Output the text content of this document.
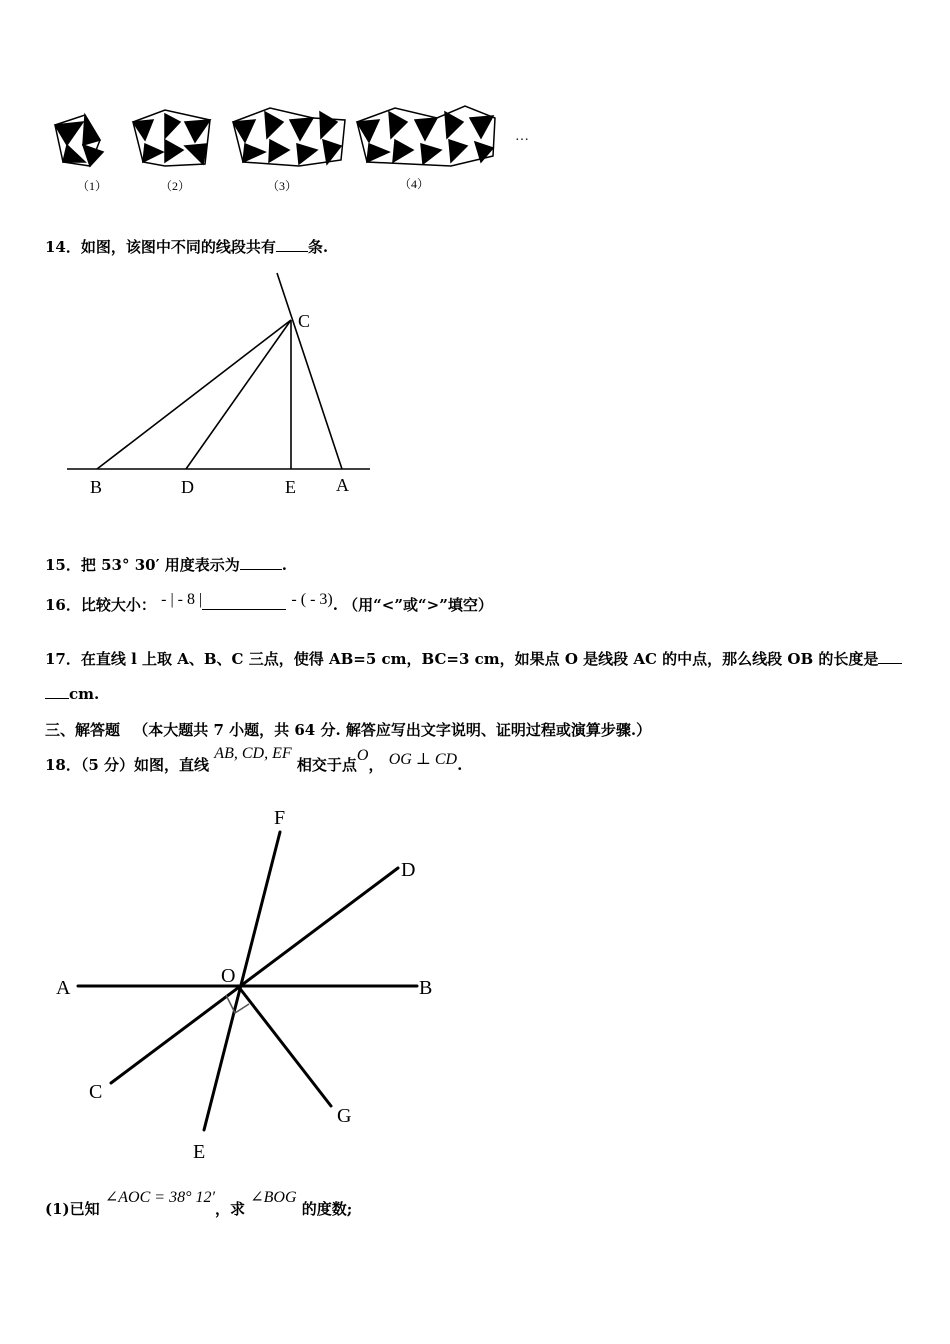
（1）	（2）	（3）	（4）
…
14．如图，该图中不同的线段共有 条.
C
B	D	E A
15．把 53° 30′ 用度表示为	.
16．比较大小： - | - 8 |	- ( - 3). （用“<”或“>”填空）
17．在直线 l 上取 A、B、C 三点，使得 AB=5 cm，BC=3 cm，如果点 O 是线段 AC 的中点，那么线段 OB 的长度是
cm.
三、解答题 （本大题共 7 小题，共 64 分. 解答应写出文字说明、证明过程或演算步骤.）
18．（5 分）如图，直线 AB, CD, EF 相交于点O， OG ⊥ CD.
F
D
A
O
B
C
G
E
(1)已知 ∠AOC = 38° 12′，求 ∠BOG 的度数;
